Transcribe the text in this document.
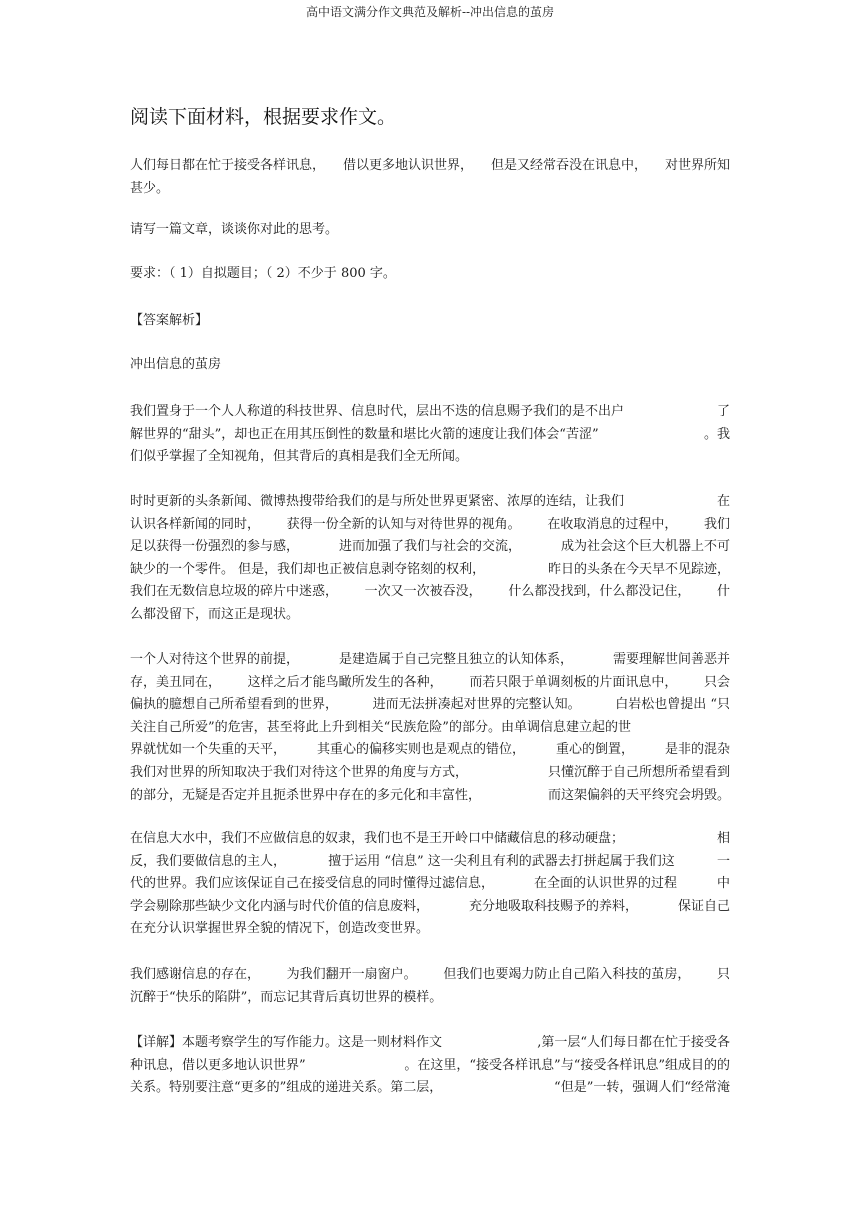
高中语文满分作文典范及解析--冲出信息的茧房
阅读下面材料，根据要求作文。
人们每日都在忙于接受各样讯息， 借以更多地认识世界， 但是又经常吞没在讯息中， 对世界所知
甚少。
请写一篇文章，谈谈你对此的思考。
要求：（ 1）自拟题目；（ 2）不少于 800 字。
【答案解析】
冲出信息的茧房
我们置身于一个人人称道的科技世界、信息时代，层出不迭的信息赐予我们的是不出户	了
解世界的“甜头”，却也正在用其压倒性的数量和堪比火箭的速度让我们体会“苦涩”	。我
们似乎掌握了全知视角，但其背后的真相是我们全无所闻。
时时更新的头条新闻、微博热搜带给我们的是与所处世界更紧密、浓厚的连结，让我们	在
认识各样新闻的同时， 获得一份全新的认知与对待世界的视角。 在收取消息的过程中， 我们
足以获得一份强烈的参与感，	进而加强了我们与社会的交流，	成为社会这个巨大机器上不可
缺少的一个零件。 但是，我们却也正被信息剥夺铭刻的权利，	昨日的头条在今天早不见踪迹，
我们在无数信息垃圾的碎片中迷惑， 一次又一次被吞没， 什么都没找到，什么都没记住， 什
么都没留下，而这正是现状。
一个人对待这个世界的前提，	是建造属于自己完整且独立的认知体系，	需要理解世间善恶并
存，美丑同在， 这样之后才能鸟瞰所发生的各种， 而若只限于单调刻板的片面讯息中， 只会
偏执的臆想自己所希望看到的世界，	进而无法拼凑起对世界的完整认知。	白岩松也曾提出 “只
关注自己所爱”的危害，甚至将此上升到相关“民族危险”的部分。由单调信息建立起的世
界就忧如一个失重的天平， 其重心的偏移实则也是观点的错位， 重心的倒置， 是非的混杂
我们对世界的所知取决于我们对待这个世界的角度与方式，	只懂沉醉于自己所想所希望看到
的部分，无疑是否定并且扼杀世界中存在的多元化和丰富性，	而这架偏斜的天平终究会坍毁。
在信息大水中，我们不应做信息的奴隶，我们也不是王开岭口中储藏信息的移动硬盘；	相
反，我们要做信息的主人，	擅于运用 “信息” 这一尖利且有利的武器去打拼起属于我们这	一
代的世界。我们应该保证自己在接受信息的同时懂得过滤信息，	在全面的认识世界的过程	中
学会剔除那些缺少文化内涵与时代价值的信息废料，	充分地吸取科技赐予的养料，	保证自己
在充分认识掌握世界全貌的情况下，创造改变世界。
我们感谢信息的存在， 为我们翻开一扇窗户。 但我们也要竭力防止自己陷入科技的茧房， 只
沉醉于“快乐的陷阱”，而忘记其背后真切世界的模样。
【详解】本题考察学生的写作能力。这是一则材料作文	,第一层“人们每日都在忙于接受各
种讯息，借以更多地认识世界”	。在这里，“接受各样讯息”与“接受各样讯息”组成目的的
关系。特别要注意“更多的”组成的递进关系。第二层，	“但是”一转，强调人们“经常淹
